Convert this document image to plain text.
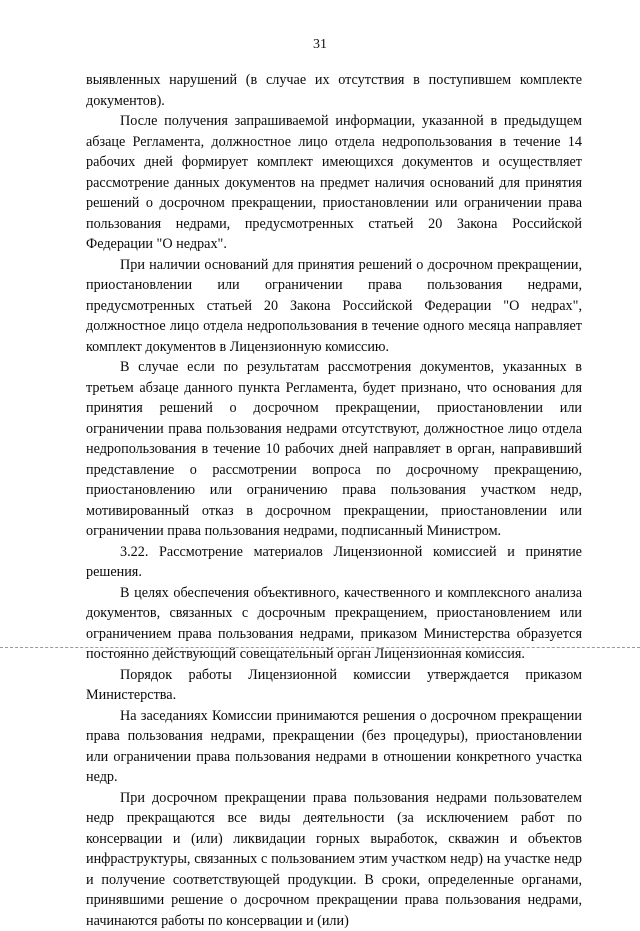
31

выявленных нарушений (в случае их отсутствия в поступившем комплекте документов).

После получения запрашиваемой информации, указанной в предыдущем абзаце Регламента, должностное лицо отдела недропользования в течение 14 рабочих дней формирует комплект имеющихся документов и осуществляет рассмотрение данных документов на предмет наличия оснований для принятия решений о досрочном прекращении, приостановлении или ограничении права пользования недрами, предусмотренных статьей 20 Закона Российской Федерации "О недрах".

При наличии оснований для принятия решений о досрочном прекращении, приостановлении или ограничении права пользования недрами, предусмотренных статьей 20 Закона Российской Федерации "О недрах", должностное лицо отдела недропользования в течение одного месяца направляет комплект документов в Лицензионную комиссию.

В случае если по результатам рассмотрения документов, указанных в третьем абзаце данного пункта Регламента, будет признано, что основания для принятия решений о досрочном прекращении, приостановлении или ограничении права пользования недрами отсутствуют, должностное лицо отдела недропользования в течение 10 рабочих дней направляет в орган, направивший представление о рассмотрении вопроса по досрочному прекращению, приостановлению или ограничению права пользования участком недр, мотивированный отказ в досрочном прекращении, приостановлении или ограничении права пользования недрами, подписанный Министром.

3.22. Рассмотрение материалов Лицензионной комиссией и принятие решения.

В целях обеспечения объективного, качественного и комплексного анализа документов, связанных с досрочным прекращением, приостановлением или ограничением права пользования недрами, приказом Министерства образуется постоянно действующий совещательный орган Лицензионная комиссия.

Порядок работы Лицензионной комиссии утверждается приказом Министерства.

На заседаниях Комиссии принимаются решения о досрочном прекращении права пользования недрами, прекращении (без процедуры), приостановлении или ограничении права пользования недрами в отношении конкретного участка недр.

При досрочном прекращении права пользования недрами пользователем недр прекращаются все виды деятельности (за исключением работ по консервации и (или) ликвидации горных выработок, скважин и объектов инфраструктуры, связанных с пользованием этим участком недр) на участке недр и получение соответствующей продукции. В сроки, определенные органами, принявшими решение о досрочном прекращении права пользования недрами, начинаются работы по консервации и (или)
